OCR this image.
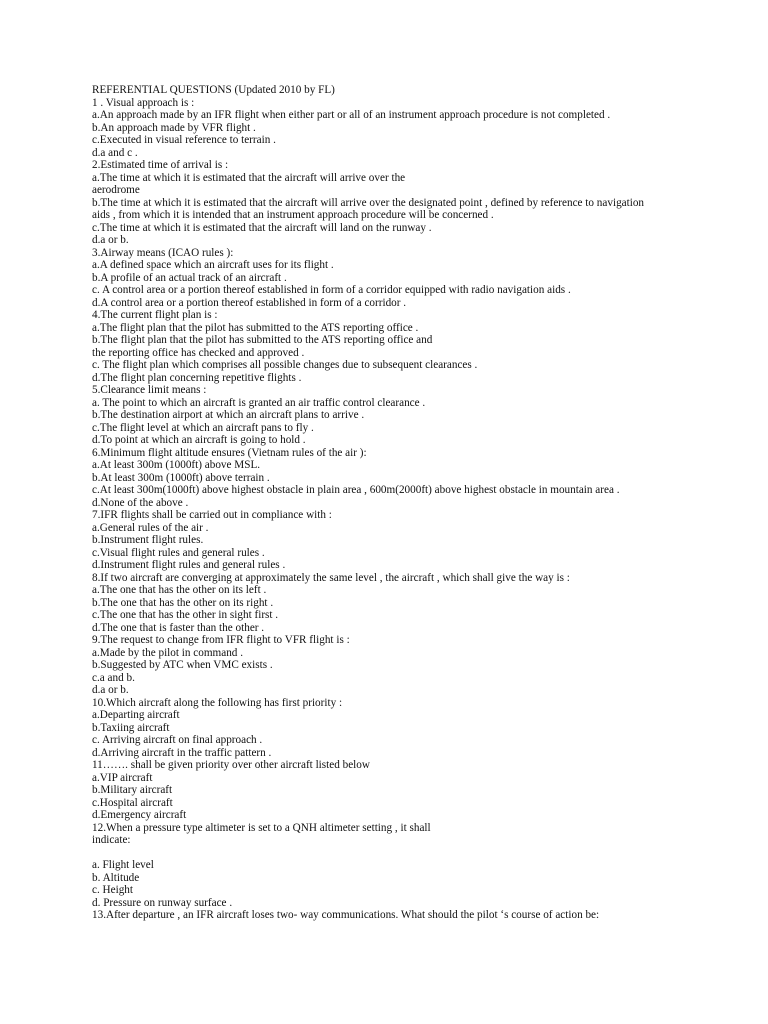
REFERENTIAL QUESTIONS (Updated 2010 by FL)
1 . Visual approach is :
a.An approach made by an IFR flight when either part or all of an instrument approach procedure is not completed .
b.An approach made by VFR flight .
c.Executed in visual reference to terrain .
d.a and c .
2.Estimated time of arrival is :
a.The time at which it is estimated that the aircraft will arrive over the
aerodrome
b.The time at which it is estimated that the aircraft will arrive over the designated point , defined by reference to navigation
aids , from which it is intended that an instrument approach procedure will be concerned .
c.The time at which it is estimated that the aircraft will land on the runway .
d.a or b.
3.Airway means (ICAO rules ):
a.A defined space which an aircraft uses for its flight .
b.A profile of an actual track of an aircraft .
c. A control area or a portion thereof established in form of a corridor equipped with radio navigation aids .
d.A control area or a portion thereof established in form of a corridor .
4.The current flight plan is :
a.The flight plan that the pilot has submitted to the ATS reporting office .
b.The flight plan that the pilot has submitted to the ATS reporting office and
the reporting office has checked and approved .
c. The flight plan which comprises all possible changes due to subsequent clearances .
d.The flight plan concerning repetitive flights .
5.Clearance limit means :
a. The point to which an aircraft is granted an air traffic control clearance .
b.The destination airport at which an aircraft plans to arrive .
c.The flight level at which an aircraft pans to fly .
d.To point at which an aircraft is going to hold .
6.Minimum flight altitude ensures (Vietnam rules of the air ):
a.At least 300m (1000ft) above MSL.
b.At least 300m (1000ft) above terrain .
c.At least 300m(1000ft) above highest obstacle in plain area , 600m(2000ft) above highest obstacle in mountain area .
d.None of the above .
7.IFR flights shall be carried out in compliance with :
a.General rules of the air .
b.Instrument flight rules.
c.Visual flight rules and general rules .
d.Instrument flight rules and general rules .
8.If two aircraft are converging at approximately the same level , the aircraft , which shall give the way is :
a.The one that has the other on its left .
b.The one that has the other on its right .
c.The one that has the other in sight first .
d.The one that is faster than the other .
9.The request to change from IFR flight to VFR flight is :
a.Made by the pilot in command .
b.Suggested by ATC when VMC exists .
c.a and b.
d.a or b.
10.Which aircraft along the following has first priority :
a.Departing aircraft
b.Taxiing aircraft
c. Arriving aircraft on final approach .
d.Arriving aircraft in the traffic pattern .
11……. shall be given priority over other aircraft listed below
a.VIP aircraft
b.Military aircraft
c.Hospital aircraft
d.Emergency aircraft
12.When a pressure type altimeter is set to a QNH altimeter setting , it shall
indicate:
a. Flight level
b. Altitude
c. Height
d. Pressure on runway surface .
13.After departure , an IFR aircraft loses two- way communications. What should the pilot ‘s course of action be:
